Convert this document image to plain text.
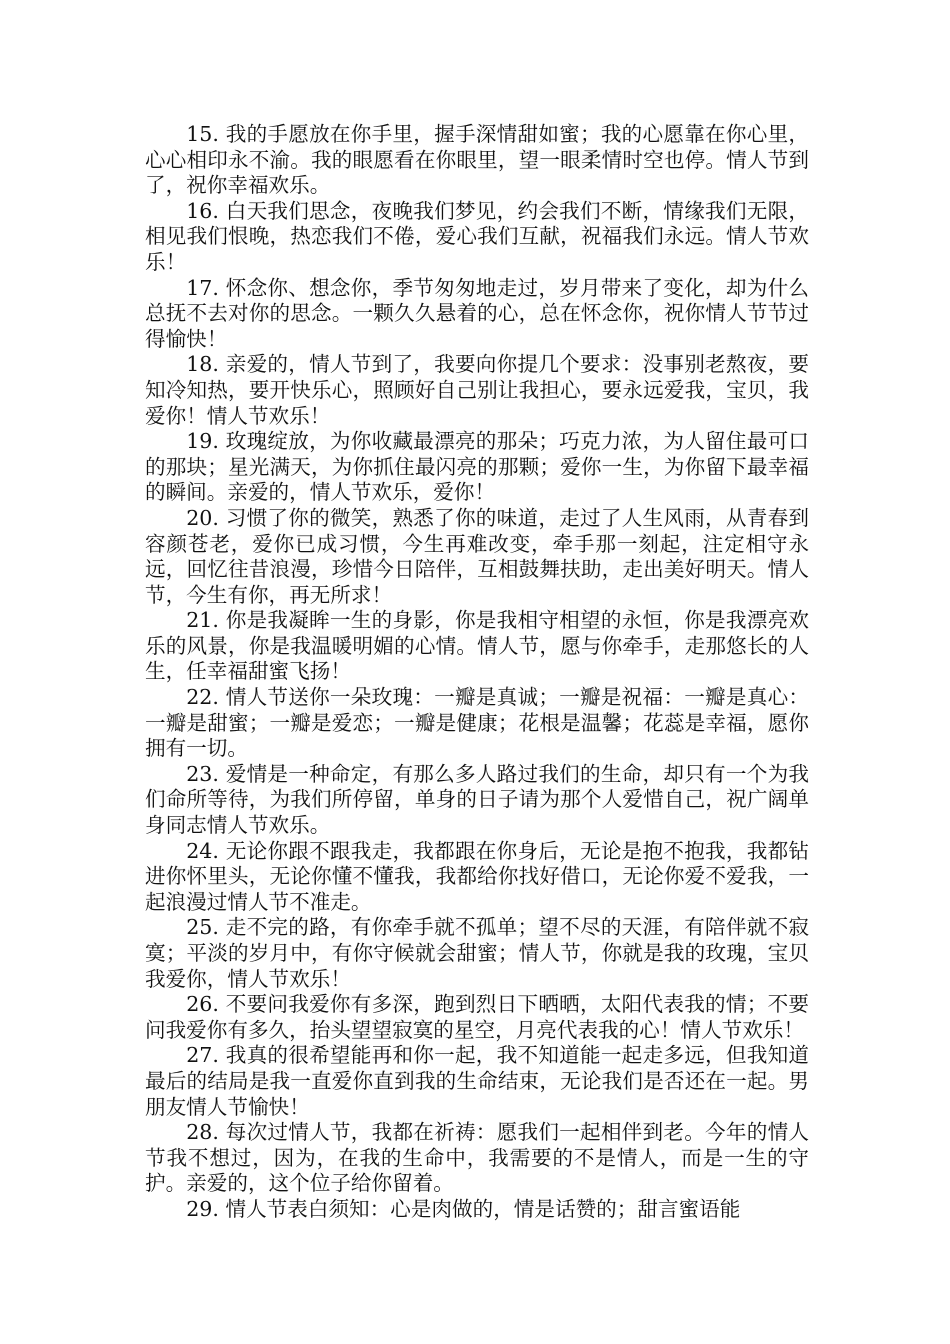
15. 我的手愿放在你手里，握手深情甜如蜜；我的心愿靠在你心里，心心相印永不渝。我的眼愿看在你眼里，望一眼柔情时空也停。情人节到了，祝你幸福欢乐。

16. 白天我们思念，夜晚我们梦见，约会我们不断，情缘我们无限，相见我们恨晚，热恋我们不倦，爱心我们互献，祝福我们永远。情人节欢乐！

17. 怀念你、想念你，季节匆匆地走过，岁月带来了变化，却为什么总抚不去对你的思念。一颗久久悬着的心，总在怀念你，祝你情人节节过得愉快！

18. 亲爱的，情人节到了，我要向你提几个要求：没事别老熬夜，要知冷知热，要开快乐心，照顾好自己别让我担心，要永远爱我，宝贝，我爱你！情人节欢乐！

19. 玫瑰绽放，为你收藏最漂亮的那朵；巧克力浓，为人留住最可口的那块；星光满天，为你抓住最闪亮的那颗；爱你一生，为你留下最幸福的瞬间。亲爱的，情人节欢乐，爱你！

20. 习惯了你的微笑，熟悉了你的味道，走过了人生风雨，从青春到容颜苍老，爱你已成习惯，今生再难改变，牵手那一刻起，注定相守永远，回忆往昔浪漫，珍惜今日陪伴，互相鼓舞扶助，走出美好明天。情人节，今生有你，再无所求！

21. 你是我凝眸一生的身影，你是我相守相望的永恒，你是我漂亮欢乐的风景，你是我温暖明媚的心情。情人节，愿与你牵手，走那悠长的人生，任幸福甜蜜飞扬！

22. 情人节送你一朵玫瑰：一瓣是真诚；一瓣是祝福：一瓣是真心：一瓣是甜蜜；一瓣是爱恋；一瓣是健康；花根是温馨；花蕊是幸福，愿你拥有一切。

23. 爱情是一种命定，有那么多人路过我们的生命，却只有一个为我们命所等待，为我们所停留，单身的日子请为那个人爱惜自己，祝广阔单身同志情人节欢乐。

24. 无论你跟不跟我走，我都跟在你身后，无论是抱不抱我，我都钻进你怀里头，无论你懂不懂我，我都给你找好借口，无论你爱不爱我，一起浪漫过情人节不准走。

25. 走不完的路，有你牵手就不孤单；望不尽的天涯，有陪伴就不寂寞；平淡的岁月中，有你守候就会甜蜜；情人节，你就是我的玫瑰，宝贝我爱你，情人节欢乐！

26. 不要问我爱你有多深，跑到烈日下晒晒，太阳代表我的情；不要问我爱你有多久，抬头望望寂寞的星空，月亮代表我的心！情人节欢乐！

27. 我真的很希望能再和你一起，我不知道能一起走多远，但我知道最后的结局是我一直爱你直到我的生命结束，无论我们是否还在一起。男朋友情人节愉快！

28. 每次过情人节，我都在祈祷：愿我们一起相伴到老。今年的情人节我不想过，因为，在我的生命中，我需要的不是情人，而是一生的守护。亲爱的，这个位子给你留着。

29. 情人节表白须知：心是肉做的，情是话赞的；甜言蜜语能
